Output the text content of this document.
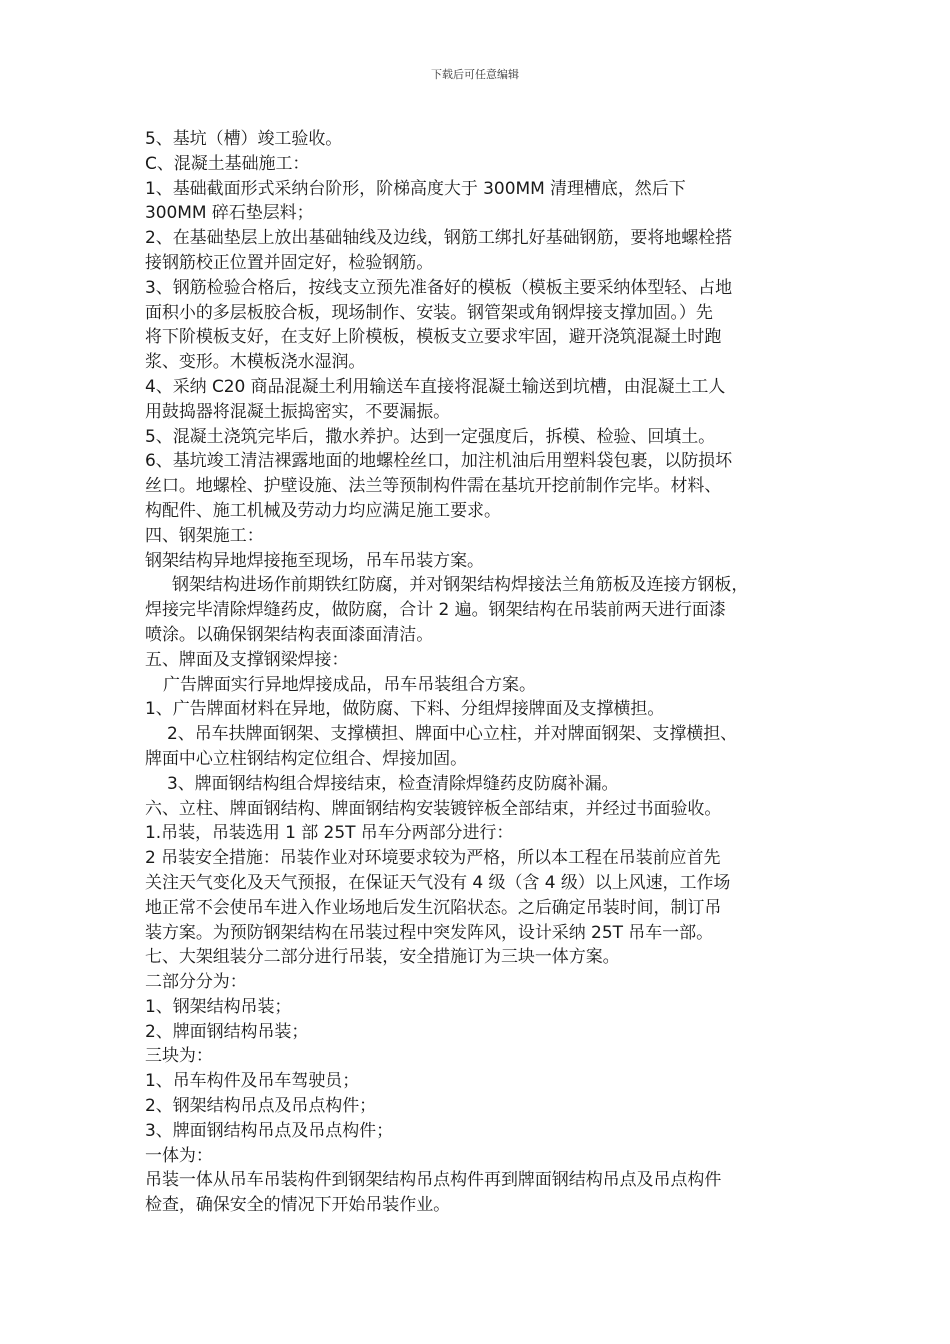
下载后可任意编辑
5、基坑（槽）竣工验收。
C、混凝土基础施工：
1、基础截面形式采纳台阶形，阶梯高度大于 300MM 清理槽底，然后下
300MM 碎石垫层料；
2、在基础垫层上放出基础轴线及边线，钢筋工绑扎好基础钢筋，要将地螺栓搭
接钢筋校正位置并固定好，检验钢筋。
3、钢筋检验合格后，按线支立预先准备好的模板（模板主要采纳体型轻、占地
面积小的多层板胶合板，现场制作、安装。钢管架或角钢焊接支撑加固。）先
将下阶模板支好，在支好上阶模板，模板支立要求牢固，避开浇筑混凝土时跑
浆、变形。木模板浇水湿润。
4、采纳 C20 商品混凝土利用输送车直接将混凝土输送到坑槽，由混凝土工人
用鼓捣器将混凝土振捣密实，不要漏振。
5、混凝土浇筑完毕后，撒水养护。达到一定强度后，拆模、检验、回填土。
6、基坑竣工清洁裸露地面的地螺栓丝口，加注机油后用塑料袋包裹，以防损坏
丝口。地螺栓、护壁设施、法兰等预制构件需在基坑开挖前制作完毕。材料、
构配件、施工机械及劳动力均应满足施工要求。
四、钢架施工：
钢架结构异地焊接拖至现场，吊车吊装方案。
钢架结构进场作前期铁红防腐，并对钢架结构焊接法兰角筋板及连接方钢板，
焊接完毕清除焊缝药皮，做防腐，合计 2 遍。钢架结构在吊装前两天进行面漆
喷涂。以确保钢架结构表面漆面清洁。
五、牌面及支撑钢梁焊接：
广告牌面实行异地焊接成品，吊车吊装组合方案。
1、广告牌面材料在异地，做防腐、下料、分组焊接牌面及支撑横担。
2、吊车扶牌面钢架、支撑横担、牌面中心立柱，并对牌面钢架、支撑横担、
牌面中心立柱钢结构定位组合、焊接加固。
3、牌面钢结构组合焊接结束，检查清除焊缝药皮防腐补漏。
六、立柱、牌面钢结构、牌面钢结构安装镀锌板全部结束，并经过书面验收。
1.吊装，吊装选用 1 部 25T 吊车分两部分进行：
2 吊装安全措施：吊装作业对环境要求较为严格，所以本工程在吊装前应首先
关注天气变化及天气预报，在保证天气没有 4 级（含 4 级）以上风速，工作场
地正常不会使吊车进入作业场地后发生沉陷状态。之后确定吊装时间，制订吊
装方案。为预防钢架结构在吊装过程中突发阵风，设计采纳 25T 吊车一部。
七、大架组装分二部分进行吊装，安全措施订为三块一体方案。
二部分分为：
1、钢架结构吊装；
2、牌面钢结构吊装；
三块为：
1、吊车构件及吊车驾驶员；
2、钢架结构吊点及吊点构件；
3、牌面钢结构吊点及吊点构件；
一体为：
吊装一体从吊车吊装构件到钢架结构吊点构件再到牌面钢结构吊点及吊点构件
检查，确保安全的情况下开始吊装作业。
